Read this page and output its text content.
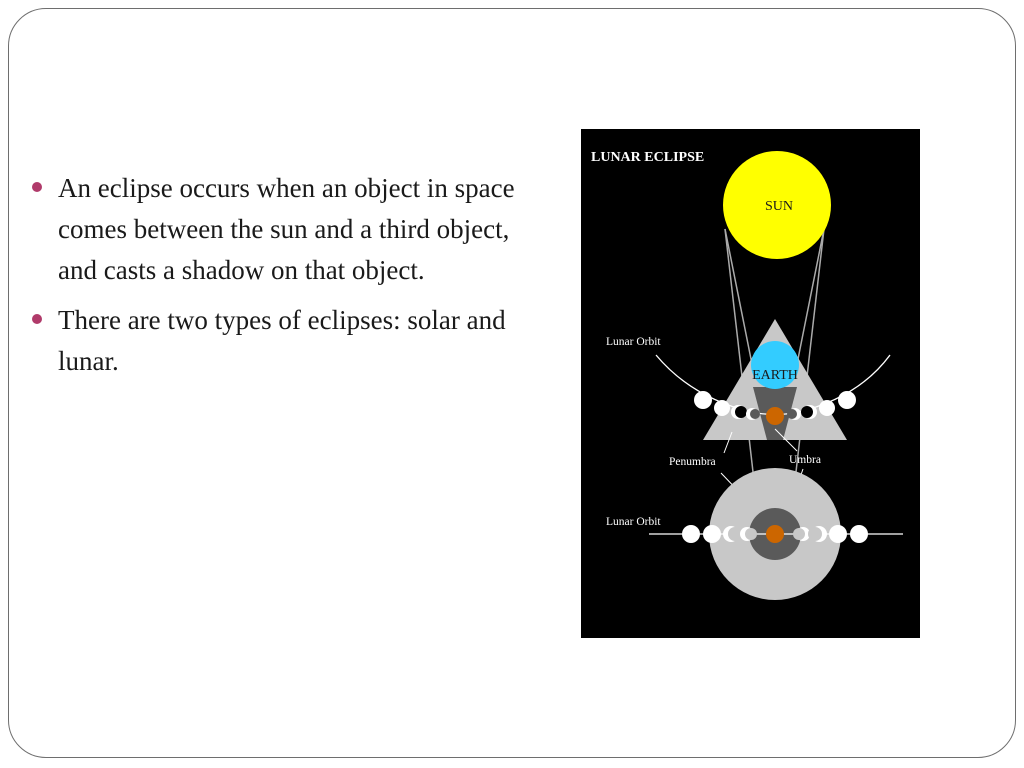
An eclipse occurs when an object in space comes between the sun and a third object, and casts a shadow on that object.
There are two types of eclipses: solar and lunar.
LUNAR ECLIPSE
EARTH
SUN
Lunar Orbit
Penumbra	Umbra
Lunar Orbit
